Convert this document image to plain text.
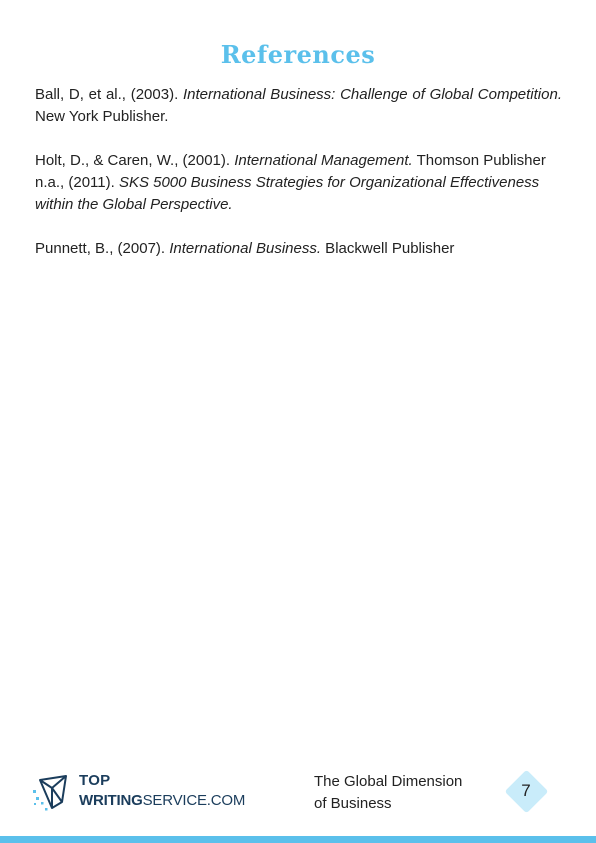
References

Ball, D, et al., (2003). International Business: Challenge of Global Competition. New York Publisher.

Holt, D., & Caren, W., (2001). International Management. Thomson Publisher

n.a., (2011). SKS 5000 Business Strategies for Organizational Effectiveness within the Global Perspective.

Punnett, B., (2007). International Business. Blackwell Publisher

TOP
WRITINGSERVICE.COM
The Global Dimension
of Business
7
